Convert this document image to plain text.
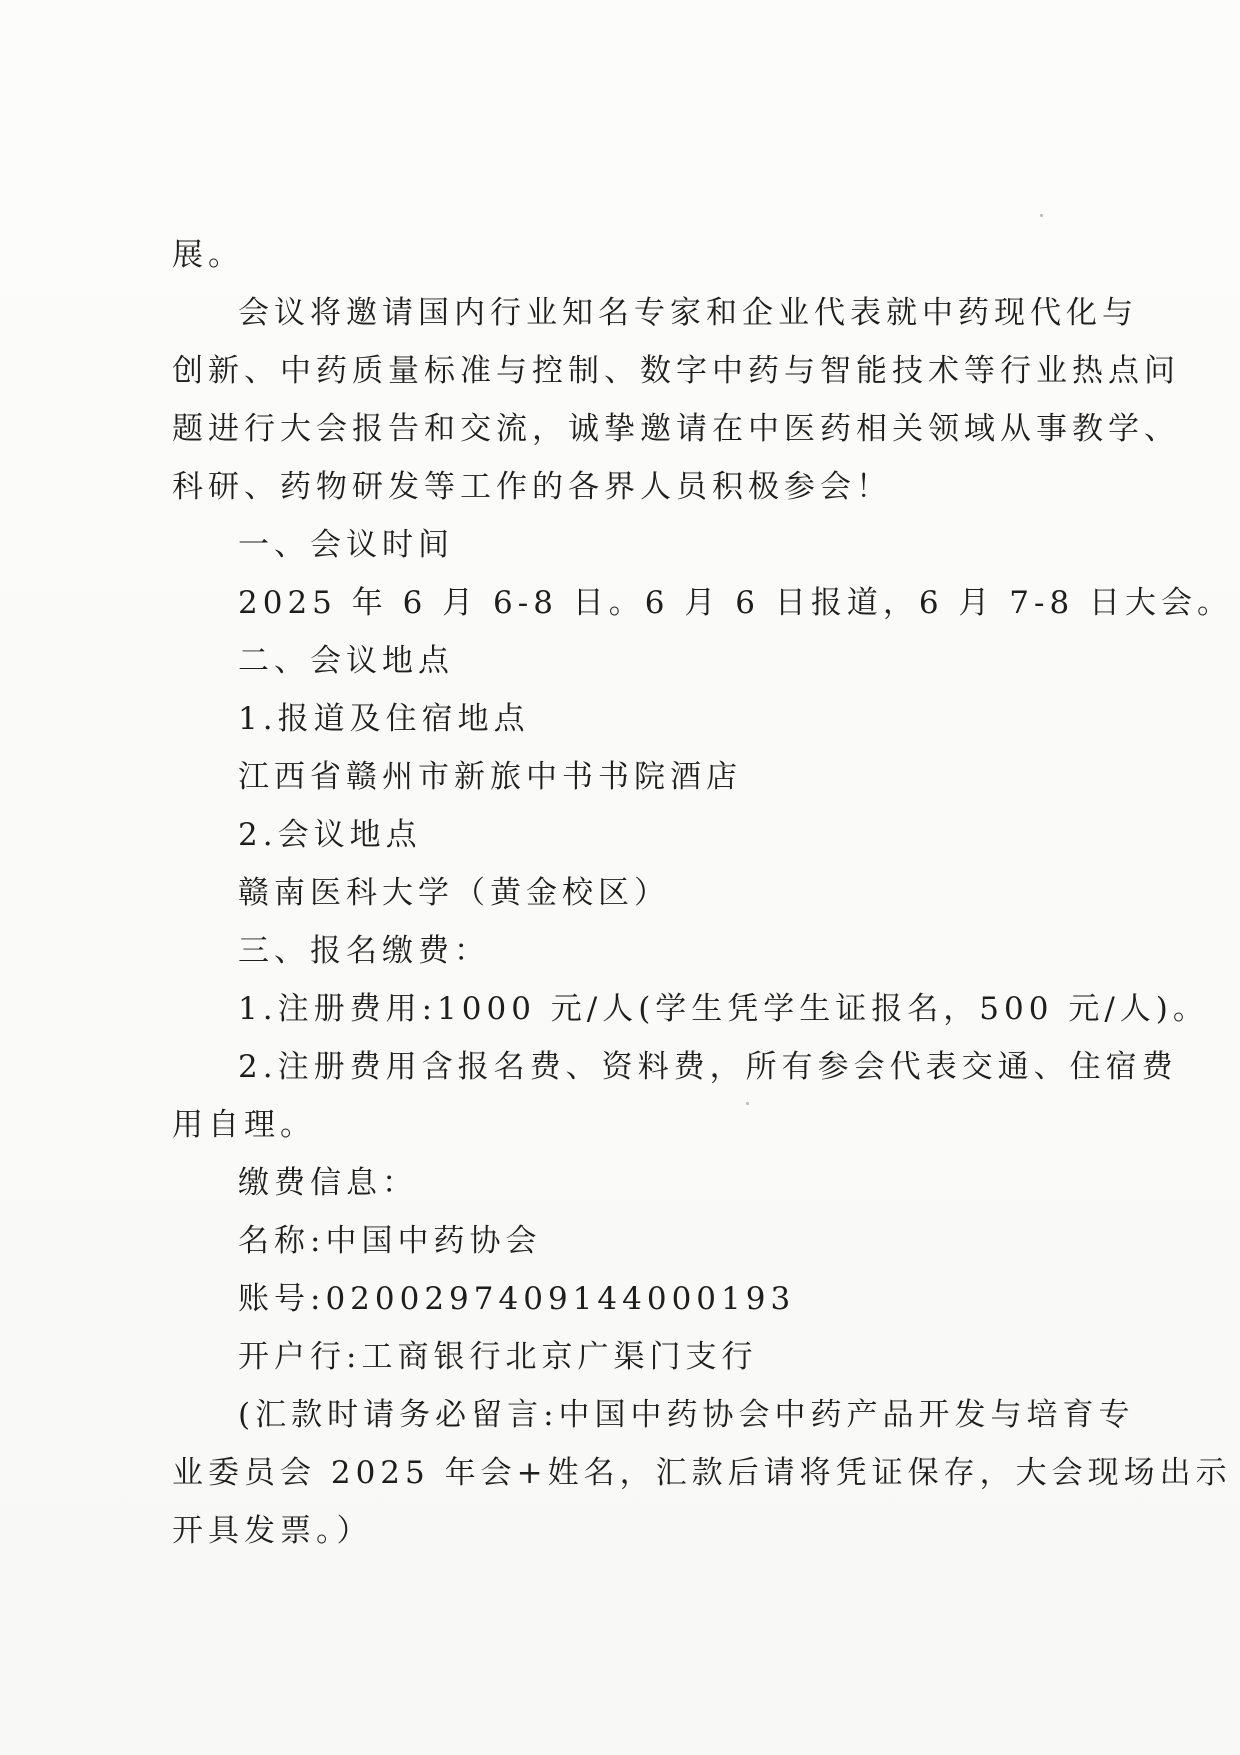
展。
会议将邀请国内行业知名专家和企业代表就中药现代化与
创新、中药质量标准与控制、数字中药与智能技术等行业热点问
题进行大会报告和交流，诚挚邀请在中医药相关领域从事教学、
科研、药物研发等工作的各界人员积极参会！
一、会议时间
2025 年 6 月 6-8 日。6 月 6 日报道，6 月 7-8 日大会。
二、会议地点
1.报道及住宿地点
江西省赣州市新旅中书书院酒店
2.会议地点
赣南医科大学（黄金校区）
三、报名缴费：
1.注册费用:1000 元/人(学生凭学生证报名，500 元/人)。
2.注册费用含报名费、资料费，所有参会代表交通、住宿费
用自理。
缴费信息：
名称:中国中药协会
账号:0200297409144000193
开户行:工商银行北京广渠门支行
(汇款时请务必留言:中国中药协会中药产品开发与培育专
业委员会 2025 年会+姓名，汇款后请将凭证保存，大会现场出示
开具发票。）
